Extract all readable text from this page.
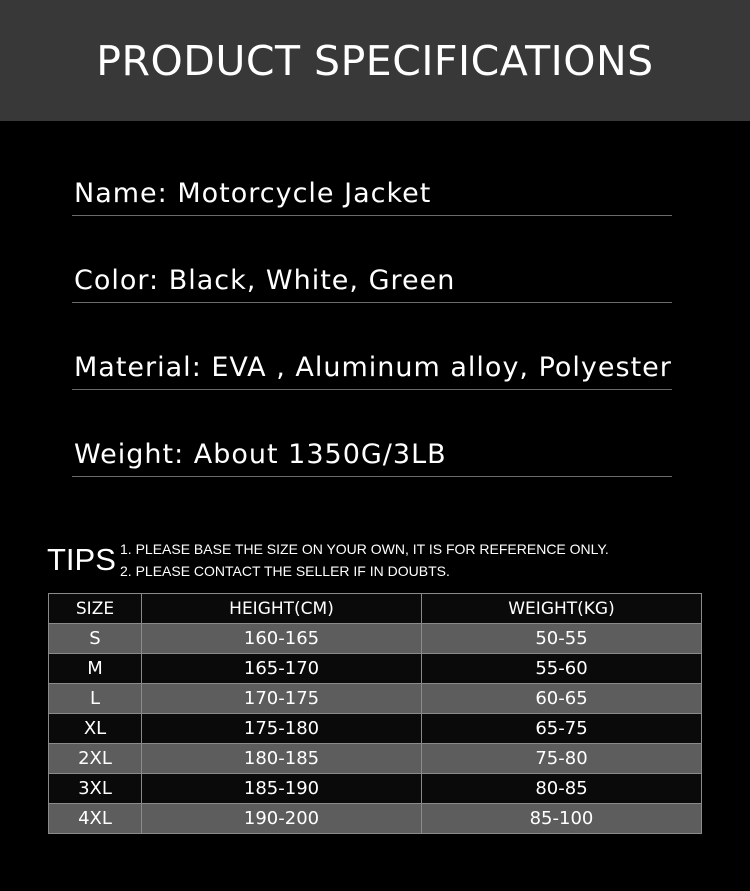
PRODUCT SPECIFICATIONS
Name: Motorcycle Jacket
Color: Black, White, Green
Material: EVA , Aluminum alloy, Polyester
Weight: About 1350G/3LB
TIPS 1. PLEASE BASE THE SIZE ON YOUR OWN, IT IS FOR REFERENCE ONLY.
2. PLEASE CONTACT THE SELLER IF IN DOUBTS.
SIZE	HEIGHT(CM)	WEIGHT(KG)
S	160-165	50-55
M	165-170	55-60
L	170-175	60-65
XL	175-180	65-75
2XL	180-185	75-80
3XL	185-190	80-85
4XL	190-200	85-100
